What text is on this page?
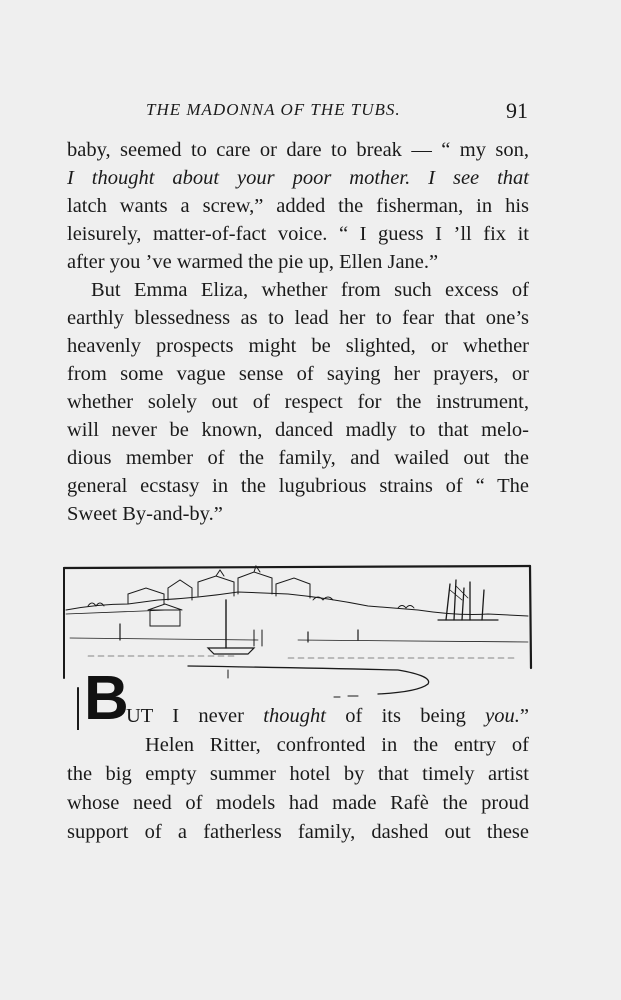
THE MADONNA OF THE TUBS.	91
baby, seemed to care or dare to break — “ my son,
I thought about your poor mother. I see that
latch wants a screw,” added the fisherman, in his
leisurely, matter-of-fact voice. “ I guess I ’ll fix it
after you ’ve warmed the pie up, Ellen Jane.”
But Emma Eliza, whether from such excess of
earthly blessedness as to lead her to fear that one’s
heavenly prospects might be slighted, or whether
from some vague sense of saying her prayers, or
whether solely out of respect for the instrument,
will never be known, danced madly to that melo-
dious member of the family, and wailed out the
general ecstasy in the lugubrious strains of “ The
Sweet By-and-by.”
B
UT I never thought of its being you.”
Helen Ritter, confronted in the entry of
the big empty summer hotel by that timely artist
whose need of models had made Rafè the proud
support of a fatherless family, dashed out these
